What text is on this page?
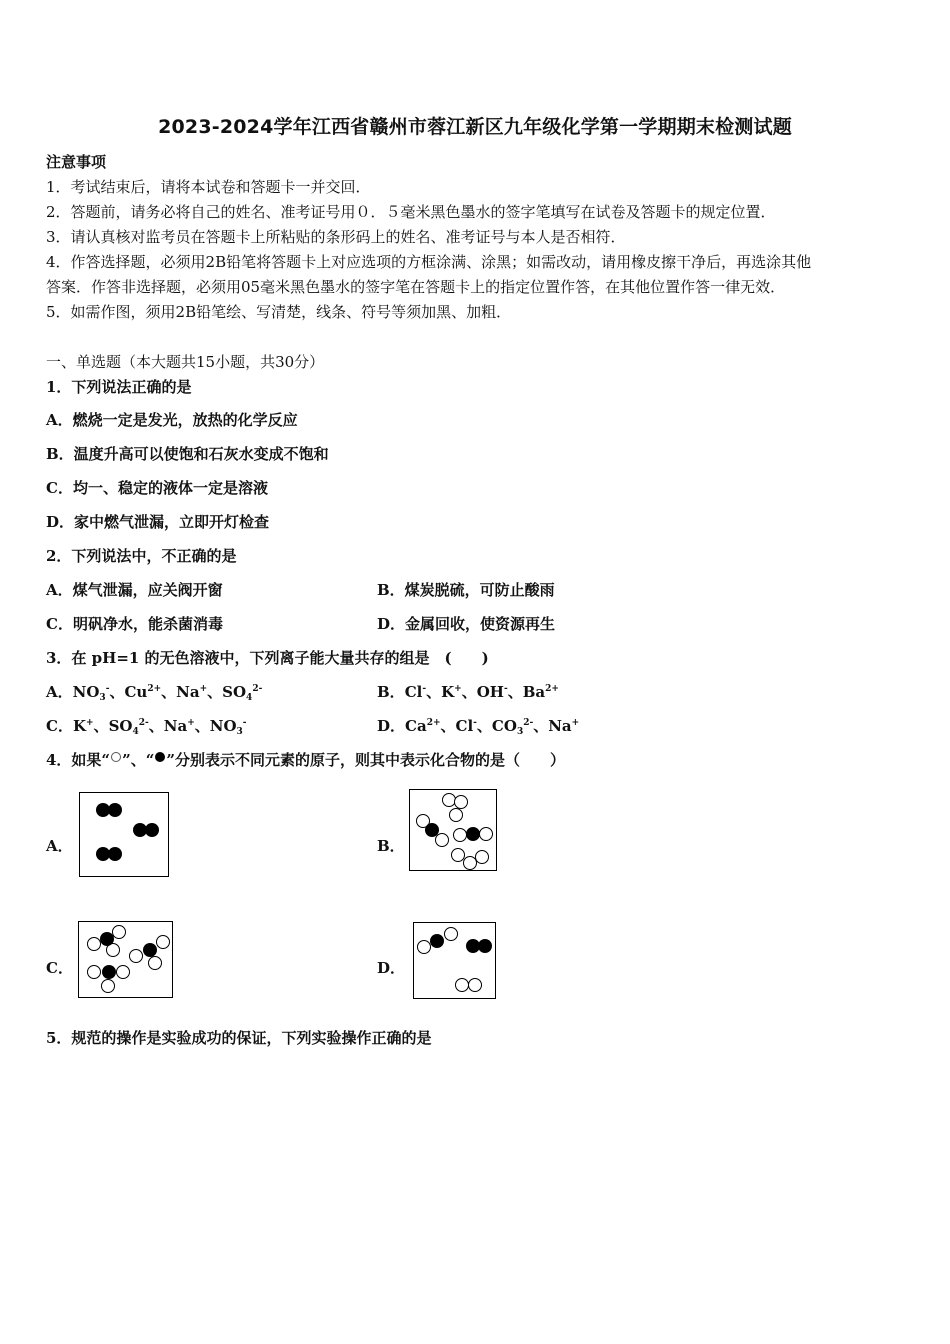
2023-2024学年江西省赣州市蓉江新区九年级化学第一学期期末检测试题
注意事项
1．考试结束后，请将本试卷和答题卡一并交回．
2．答题前，请务必将自己的姓名、准考证号用０．５毫米黑色墨水的签字笔填写在试卷及答题卡的规定位置．
3．请认真核对监考员在答题卡上所粘贴的条形码上的姓名、准考证号与本人是否相符．
4．作答选择题，必须用2B铅笔将答题卡上对应选项的方框涂满、涂黑；如需改动，请用橡皮擦干净后，再选涂其他
答案．作答非选择题，必须用05毫米黑色墨水的签字笔在答题卡上的指定位置作答，在其他位置作答一律无效．
5．如需作图，须用2B铅笔绘、写清楚，线条、符号等须加黑、加粗．
一、单选题（本大题共15小题，共30分）
1．下列说法正确的是
A．燃烧一定是发光，放热的化学反应
B．温度升高可以使饱和石灰水变成不饱和
C．均一、稳定的液体一定是溶液
D．家中燃气泄漏，立即开灯检查
2．下列说法中，不正确的是
A．煤气泄漏，应关阀开窗	B．煤炭脱硫，可防止酸雨
C．明矾净水，能杀菌消毒	D．金属回收，使资源再生
3．在 pH=1 的无色溶液中，下列离子能大量共存的组是　(　　)
A．$NO_3^-$、$Cu^{2+}$、Na+、$SO_4^{2-}$	B．Cl-、K+、OH-、$Ba^{2+}$
C．K+、$SO_4^{2-}$、Na+、$NO_3^-$	D．$Ca^{2+}$、Cl-、$CO_3^{2-}$、Na+
4．如果“ ”、“ ”分别表示不同元素的原子，则其中表示化合物的是（　　）
A．	B．
C．	D．
5．规范的操作是实验成功的保证，下列实验操作正确的是
